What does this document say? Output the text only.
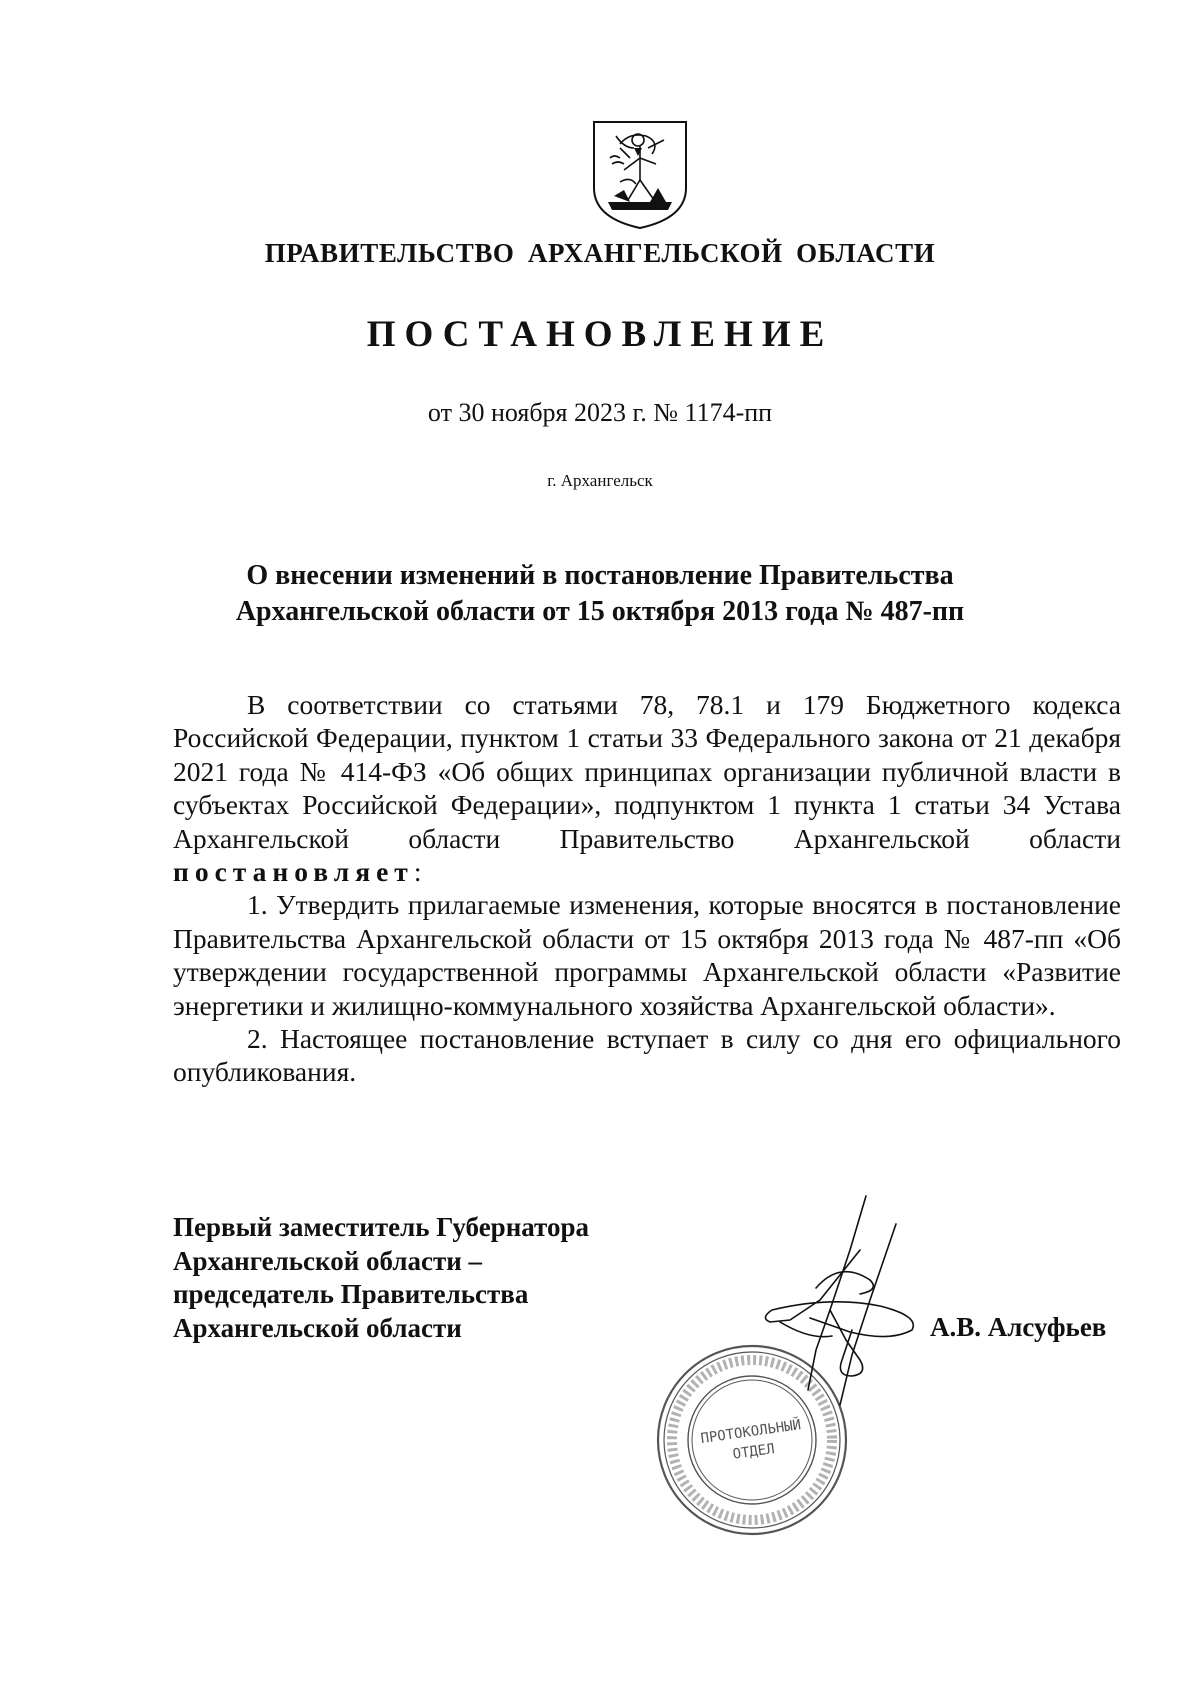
ПРАВИТЕЛЬСТВО АРХАНГЕЛЬСКОЙ ОБЛАСТИ
ПОСТАНОВЛЕНИЕ
от 30 ноября 2023 г. № 1174-пп
г. Архангельск
О внесении изменений в постановление Правительства
Архангельской области от 15 октября 2013 года № 487-пп

В соответствии со статьями 78, 78.1 и 179 Бюджетного кодекса Российской Федерации, пунктом 1 статьи 33 Федерального закона от 21 декабря 2021 года № 414-ФЗ «Об общих принципах организации публичной власти в субъектах Российской Федерации», подпунктом 1 пункта 1 статьи 34 Устава Архангельской области Правительство Архангельской области постановляет:

1. Утвердить прилагаемые изменения, которые вносятся в постановление Правительства Архангельской области от 15 октября 2013 года № 487-пп «Об утверждении государственной программы Архангельской области «Развитие энергетики и жилищно-коммунального хозяйства Архангельской области».

2. Настоящее постановление вступает в силу со дня его официального опубликования.

Первый заместитель Губернатора
Архангельской области –
председатель Правительства
Архангельской области	А.В. Алсуфьев
ПРОТОКОЛЬНЫЙ
ОТДЕЛ
